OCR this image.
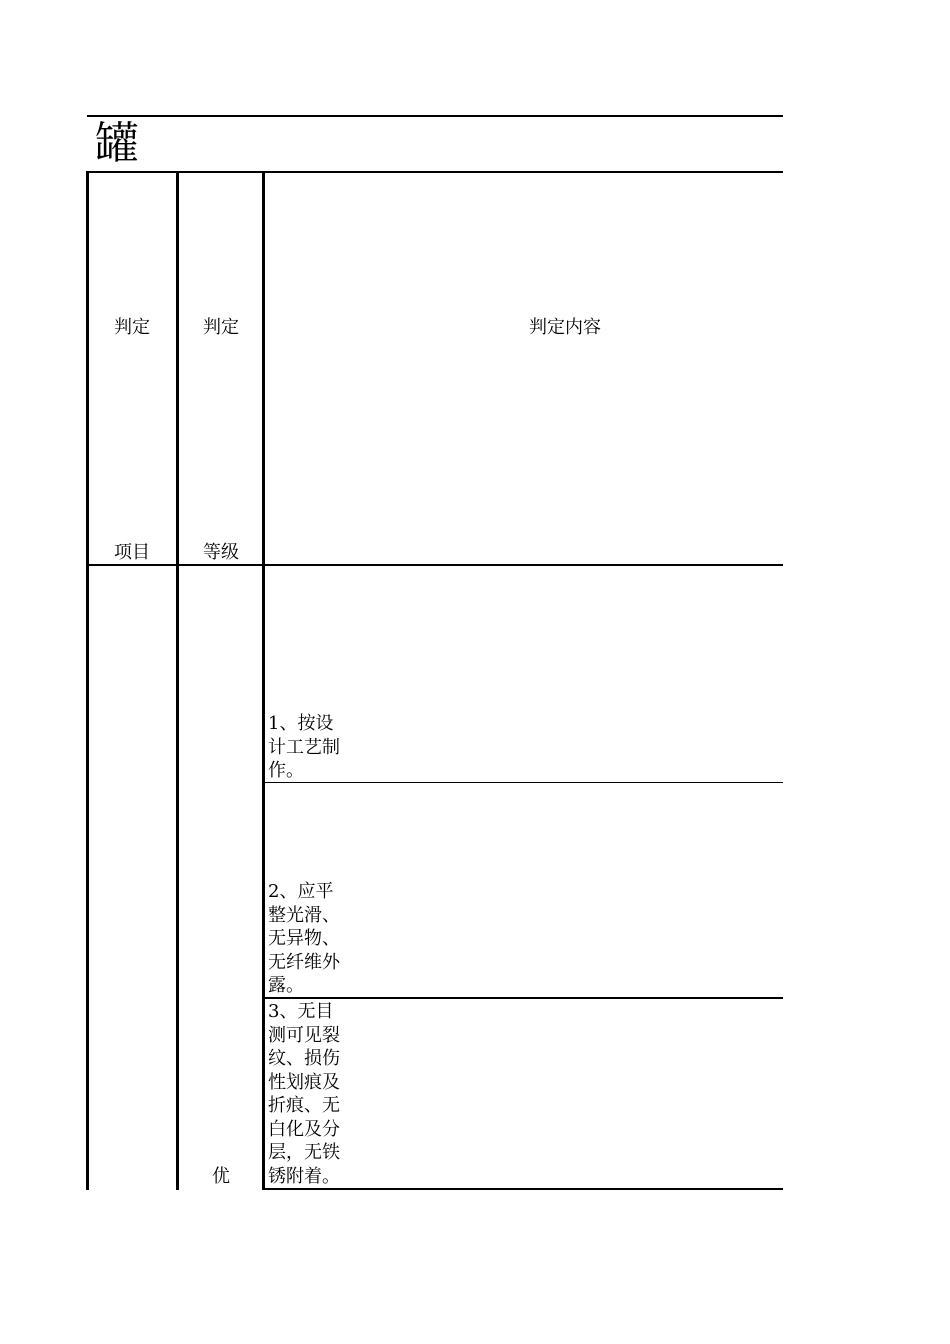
罐
判定
项目
判定
等级
判定内容
优
1、按设计工艺制作。
2、应平整光滑、无异物、无纤维外露。
3、无目测可见裂纹、损伤性划痕及折痕、无白化及分层，无铁锈附着。
